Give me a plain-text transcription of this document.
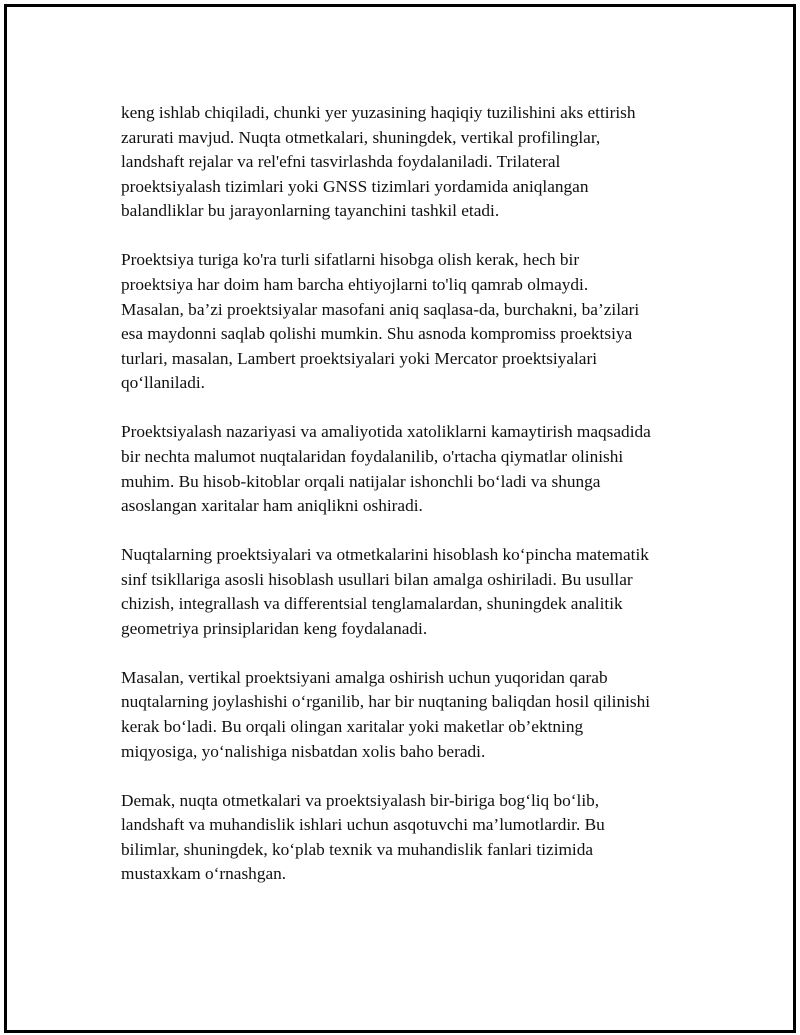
keng ishlab chiqiladi, chunki yer yuzasining haqiqiy tuzilishini aks ettirish
zarurati mavjud. Nuqta otmetkalari, shuningdek, vertikal profilinglar,
landshaft rejalar va rel'efni tasvirlashda foydalaniladi. Trilateral
proektsiyalash tizimlari yoki GNSS tizimlari yordamida aniqlangan
balandliklar bu jarayonlarning tayanchini tashkil etadi.

Proektsiya turiga ko'ra turli sifatlarni hisobga olish kerak, hech bir
proektsiya har doim ham barcha ehtiyojlarni to'liq qamrab olmaydi.
Masalan, ba’zi proektsiyalar masofani aniq saqlasa-da, burchakni, ba’zilari
esa maydonni saqlab qolishi mumkin. Shu asnoda kompromiss proektsiya
turlari, masalan, Lambert proektsiyalari yoki Mercator proektsiyalari
qo‘llaniladi.

Proektsiyalash nazariyasi va amaliyotida xatoliklarni kamaytirish maqsadida
bir nechta malumot nuqtalaridan foydalanilib, o'rtacha qiymatlar olinishi
muhim. Bu hisob-kitoblar orqali natijalar ishonchli bo‘ladi va shunga
asoslangan xaritalar ham aniqlikni oshiradi.

Nuqtalarning proektsiyalari va otmetkalarini hisoblash ko‘pincha matematik
sinf tsikllariga asosli hisoblash usullari bilan amalga oshiriladi. Bu usullar
chizish, integrallash va differentsial tenglamalardan, shuningdek analitik
geometriya prinsiplaridan keng foydalanadi.

Masalan, vertikal proektsiyani amalga oshirish uchun yuqoridan qarab
nuqtalarning joylashishi o‘rganilib, har bir nuqtaning baliqdan hosil qilinishi
kerak bo‘ladi. Bu orqali olingan xaritalar yoki maketlar ob’ektning
miqyosiga, yo‘nalishiga nisbatdan xolis baho beradi.

Demak, nuqta otmetkalari va proektsiyalash bir-biriga bog‘liq bo‘lib,
landshaft va muhandislik ishlari uchun asqotuvchi ma’lumotlardir. Bu
bilimlar, shuningdek, ko‘plab texnik va muhandislik fanlari tizimida
mustaxkam o‘rnashgan.
